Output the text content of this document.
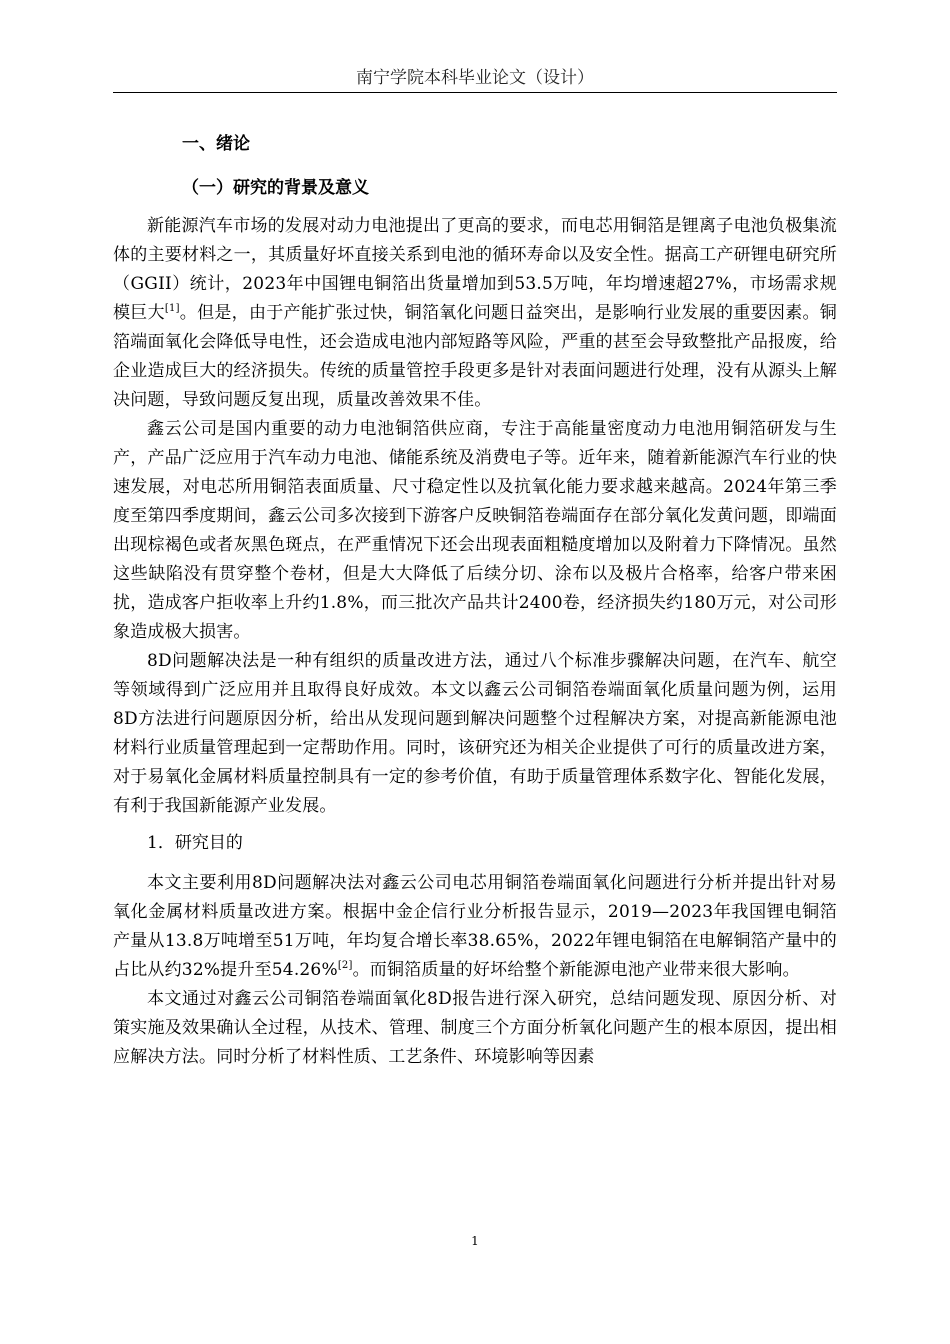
南宁学院本科毕业论文（设计）
一、绪论
（一）研究的背景及意义

新能源汽车市场的发展对动力电池提出了更高的要求，而电芯用铜箔是锂离子电池负极集流体的主要材料之一，其质量好坏直接关系到电池的循环寿命以及安全性。据高工产研锂电研究所（GGII）统计，2023年中国锂电铜箔出货量增加到53.5万吨，年均增速超27%，市场需求规模巨大[1]。但是，由于产能扩张过快，铜箔氧化问题日益突出，是影响行业发展的重要因素。铜箔端面氧化会降低导电性，还会造成电池内部短路等风险，严重的甚至会导致整批产品报废，给企业造成巨大的经济损失。传统的质量管控手段更多是针对表面问题进行处理，没有从源头上解决问题，导致问题反复出现，质量改善效果不佳。

鑫云公司是国内重要的动力电池铜箔供应商，专注于高能量密度动力电池用铜箔研发与生产，产品广泛应用于汽车动力电池、储能系统及消费电子等。近年来，随着新能源汽车行业的快速发展，对电芯所用铜箔表面质量、尺寸稳定性以及抗氧化能力要求越来越高。2024年第三季度至第四季度期间，鑫云公司多次接到下游客户反映铜箔卷端面存在部分氧化发黄问题，即端面出现棕褐色或者灰黑色斑点，在严重情况下还会出现表面粗糙度增加以及附着力下降情况。虽然这些缺陷没有贯穿整个卷材，但是大大降低了后续分切、涂布以及极片合格率，给客户带来困扰，造成客户拒收率上升约1.8%，而三批次产品共计2400卷，经济损失约180万元，对公司形象造成极大损害。

8D问题解决法是一种有组织的质量改进方法，通过八个标准步骤解决问题，在汽车、航空等领域得到广泛应用并且取得良好成效。本文以鑫云公司铜箔卷端面氧化质量问题为例，运用8D方法进行问题原因分析，给出从发现问题到解决问题整个过程解决方案，对提高新能源电池材料行业质量管理起到一定帮助作用。同时，该研究还为相关企业提供了可行的质量改进方案，对于易氧化金属材料质量控制具有一定的参考价值，有助于质量管理体系数字化、智能化发展，有利于我国新能源产业发展。

1．研究目的

本文主要利用8D问题解决法对鑫云公司电芯用铜箔卷端面氧化问题进行分析并提出针对易氧化金属材料质量改进方案。根据中金企信行业分析报告显示，2019—2023年我国锂电铜箔产量从13.8万吨增至51万吨，年均复合增长率38.65%，2022年锂电铜箔在电解铜箔产量中的占比从约32%提升至54.26%[2]。而铜箔质量的好坏给整个新能源电池产业带来很大影响。

本文通过对鑫云公司铜箔卷端面氧化8D报告进行深入研究，总结问题发现、原因分析、对策实施及效果确认全过程，从技术、管理、制度三个方面分析氧化问题产生的根本原因，提出相应解决方法。同时分析了材料性质、工艺条件、环境影响等因素

1
